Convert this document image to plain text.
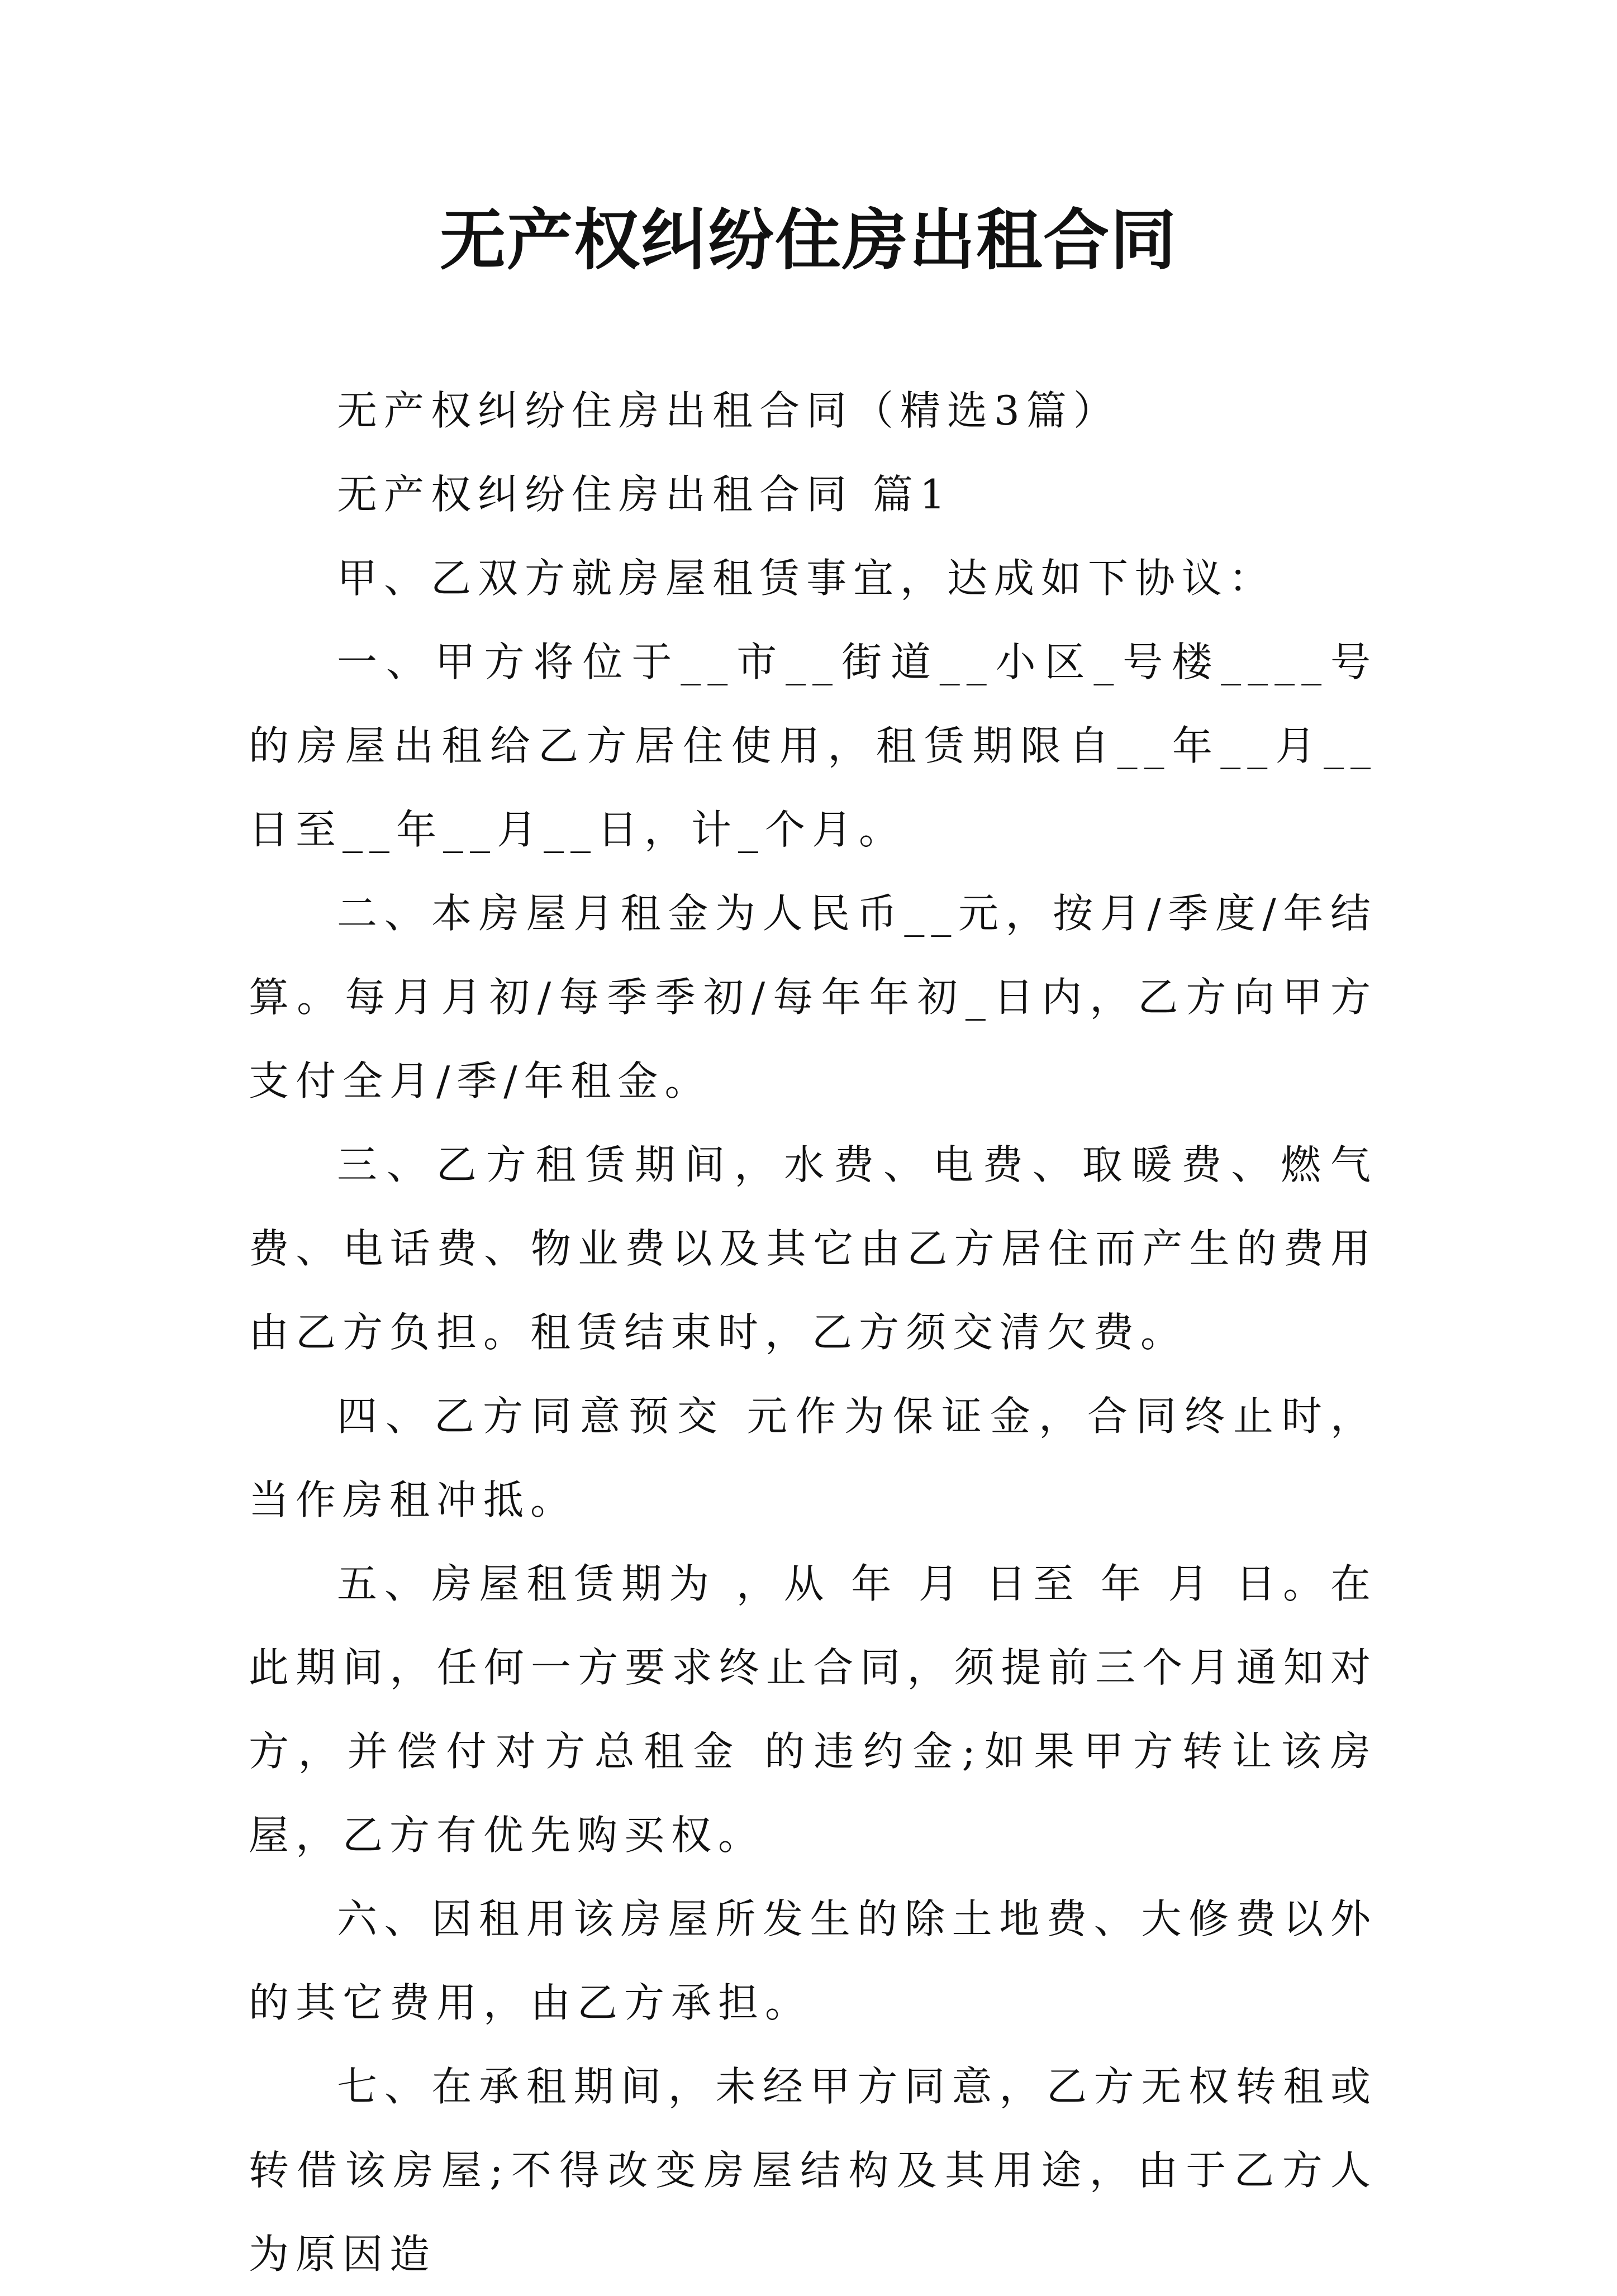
无产权纠纷住房出租合同

无产权纠纷住房出租合同（精选3篇）

无产权纠纷住房出租合同 篇1

甲、乙双方就房屋租赁事宜，达成如下协议：

一、甲方将位于__市__街道__小区_号楼____号的房屋出租给乙方居住使用，租赁期限自__年__月__日至__年__月__日，计_个月。

二、本房屋月租金为人民币__元，按月/季度/年结算。每月月初/每季季初/每年年初_日内，乙方向甲方支付全月/季/年租金。

三、乙方租赁期间，水费、电费、取暖费、燃气费、电话费、物业费以及其它由乙方居住而产生的费用由乙方负担。租赁结束时，乙方须交清欠费。

四、乙方同意预交 元作为保证金，合同终止时，当作房租冲抵。

五、房屋租赁期为 ，从 年 月 日至 年 月 日。在此期间，任何一方要求终止合同，须提前三个月通知对方，并偿付对方总租金 的违约金;如果甲方转让该房屋，乙方有优先购买权。

六、因租用该房屋所发生的除土地费、大修费以外的其它费用，由乙方承担。

七、在承租期间，未经甲方同意，乙方无权转租或转借该房屋;不得改变房屋结构及其用途，由于乙方人为原因造
